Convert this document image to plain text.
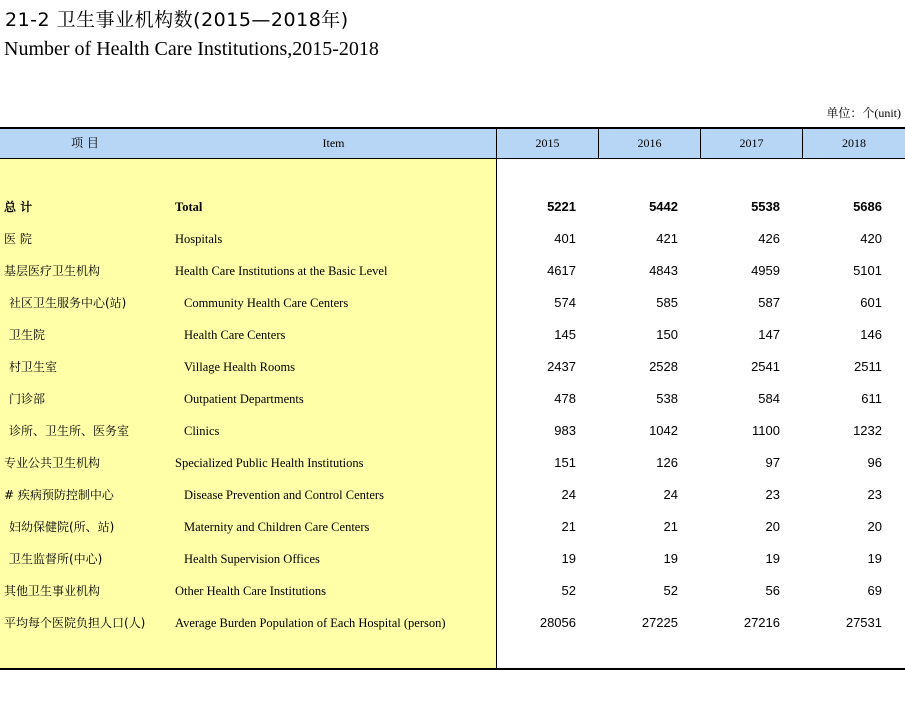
21-2 卫生事业机构数(2015—2018年)
Number of Health Care Institutions,2015-2018
单位：个(unit)
项 目	Item	2015	2016	2017	2018
总 计	Total	5221	5442	5538	5686
医 院	Hospitals	401	421	426	420
基层医疗卫生机构	Health Care Institutions at the Basic Level	4617	4843	4959	5101
社区卫生服务中心(站)	Community Health Care Centers	574	585	587	601
卫生院	Health Care Centers	145	150	147	146
村卫生室	Village Health Rooms	2437	2528	2541	2511
门诊部	Outpatient Departments	478	538	584	611
诊所、卫生所、医务室	Clinics	983	1042	1100	1232
专业公共卫生机构	Specialized Public Health Institutions	151	126	97	96
# 疾病预防控制中心	Disease Prevention and Control Centers	24	24	23	23
妇幼保健院(所、站)	Maternity and Children Care Centers	21	21	20	20
卫生监督所(中心)	Health Supervision Offices	19	19	19	19
其他卫生事业机构	Other Health Care Institutions	52	52	56	69
平均每个医院负担人口(人) Average Burden Population of Each Hospital (person)	28056	27225	27216	27531
